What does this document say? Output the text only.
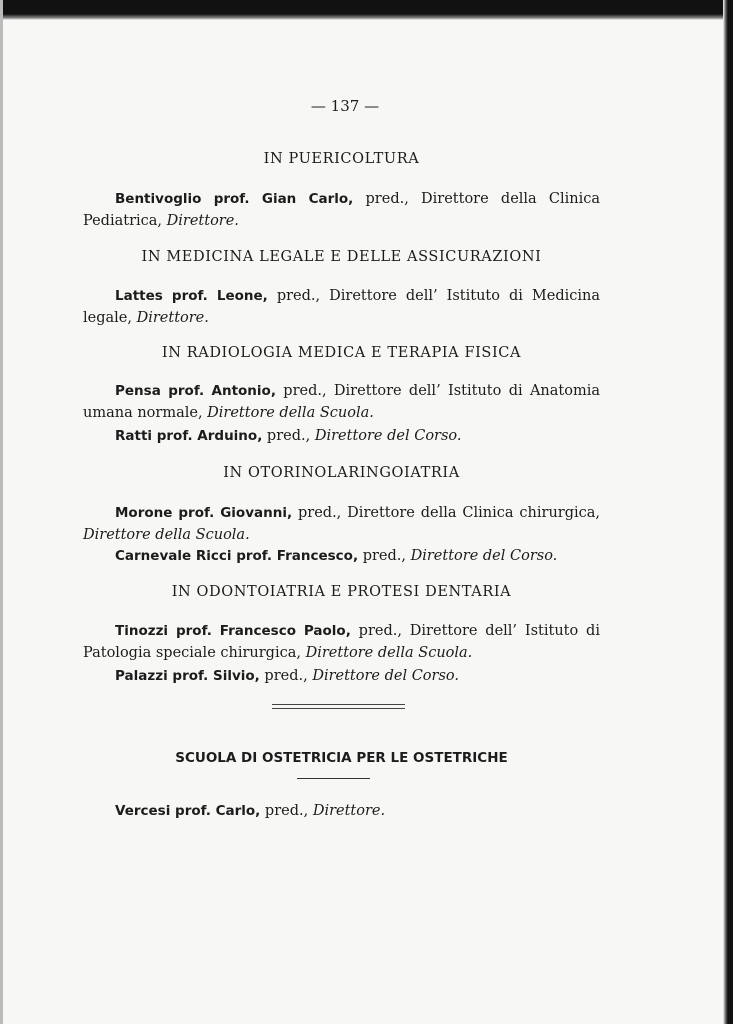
— 137 —
IN PUERICOLTURA
Bentivoglio prof. Gian Carlo, pred., Direttore della Clinica Pediatrica, Direttore.
IN MEDICINA LEGALE E DELLE ASSICURAZIONI
Lattes prof. Leone, pred., Direttore dell’ Istituto di Medicina legale, Direttore.
IN RADIOLOGIA MEDICA E TERAPIA FISICA
Pensa prof. Antonio, pred., Direttore dell’ Istituto di Anatomia umana normale, Direttore della Scuola.
Ratti prof. Arduino, pred., Direttore del Corso.
IN OTORINOLARINGOIATRIA
Morone prof. Giovanni, pred., Direttore della Clinica chirurgica, Direttore della Scuola.
Carnevale Ricci prof. Francesco, pred., Direttore del Corso.
IN ODONTOIATRIA E PROTESI DENTARIA
Tinozzi prof. Francesco Paolo, pred., Direttore dell’ Istituto di Patologia speciale chirurgica, Direttore della Scuola.
Palazzi prof. Silvio, pred., Direttore del Corso.
SCUOLA DI OSTETRICIA PER LE OSTETRICHE
Vercesi prof. Carlo, pred., Direttore.
